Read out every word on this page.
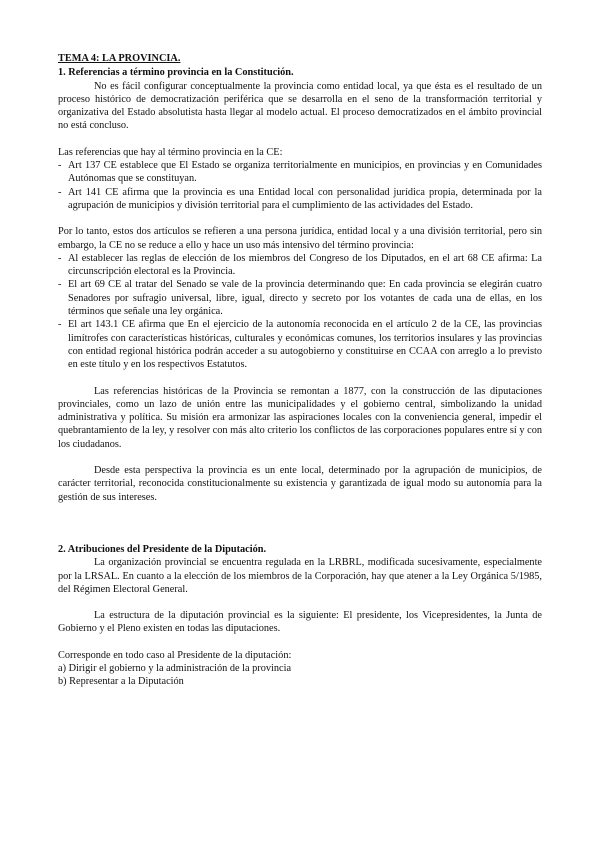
TEMA 4: LA PROVINCIA.
1. Referencias a término provincia en la Constitución.

No es fácil configurar conceptualmente la provincia como entidad local, ya que ésta es el resultado de un proceso histórico de democratización periférica que se desarrolla en el seno de la transformación territorial y organizativa del Estado absolutista hasta llegar al modelo actual. El proceso democratizados en el ámbito provincial no está concluso.

Las referencias que hay al término provincia en la CE:

- Art 137 CE establece que El Estado se organiza territorialmente en municipios, en provincias y en Comunidades Autónomas que se constituyan.
- Art 141 CE afirma que la provincia es una Entidad local con personalidad jurídica propia, determinada por la agrupación de municipios y división territorial para el cumplimiento de las actividades del Estado.

Por lo tanto, estos dos artículos se refieren a una persona jurídica, entidad local y a una división territorial, pero sin embargo, la CE no se reduce a ello y hace un uso más intensivo del término provincia:

- Al establecer las reglas de elección de los miembros del Congreso de los Diputados, en el art 68 CE afirma: La circunscripción electoral es la Provincia.
- El art 69 CE al tratar del Senado se vale de la provincia determinando que: En cada provincia se elegirán cuatro Senadores por sufragio universal, libre, igual, directo y secreto por los votantes de cada una de ellas, en los términos que señale una ley orgánica.
- El art 143.1 CE afirma que En el ejercicio de la autonomía reconocida en el artículo 2 de la CE, las provincias limítrofes con características históricas, culturales y económicas comunes, los territorios insulares y las provincias con entidad regional histórica podrán acceder a su autogobierno y constituirse en CCAA con arreglo a lo previsto en este título y en los respectivos Estatutos.

Las referencias históricas de la Provincia se remontan a 1877, con la construcción de las diputaciones provinciales, como un lazo de unión entre las municipalidades y el gobierno central, simbolizando la unidad administrativa y política. Su misión era armonizar las aspiraciones locales con la conveniencia general, impedir el quebrantamiento de la ley, y resolver con más alto criterio los conflictos de las corporaciones populares entre sí y con los ciudadanos.

Desde esta perspectiva la provincia es un ente local, determinado por la agrupación de municipios, de carácter territorial, reconocida constitucionalmente su existencia y garantizada de igual modo su autonomía para la gestión de sus intereses.

2. Atribuciones del Presidente de la Diputación.

La organización provincial se encuentra regulada en la LRBRL, modificada sucesivamente, especialmente por la LRSAL. En cuanto a la elección de los miembros de la Corporación, hay que atener a la Ley Orgánica 5/1985, del Régimen Electoral General.

La estructura de la diputación provincial es la siguiente: El presidente, los Vicepresidentes, la Junta de Gobierno y el Pleno existen en todas las diputaciones.

Corresponde en todo caso al Presidente de la diputación:

a) Dirigir el gobierno y la administración de la provincia
b) Representar a la Diputación
